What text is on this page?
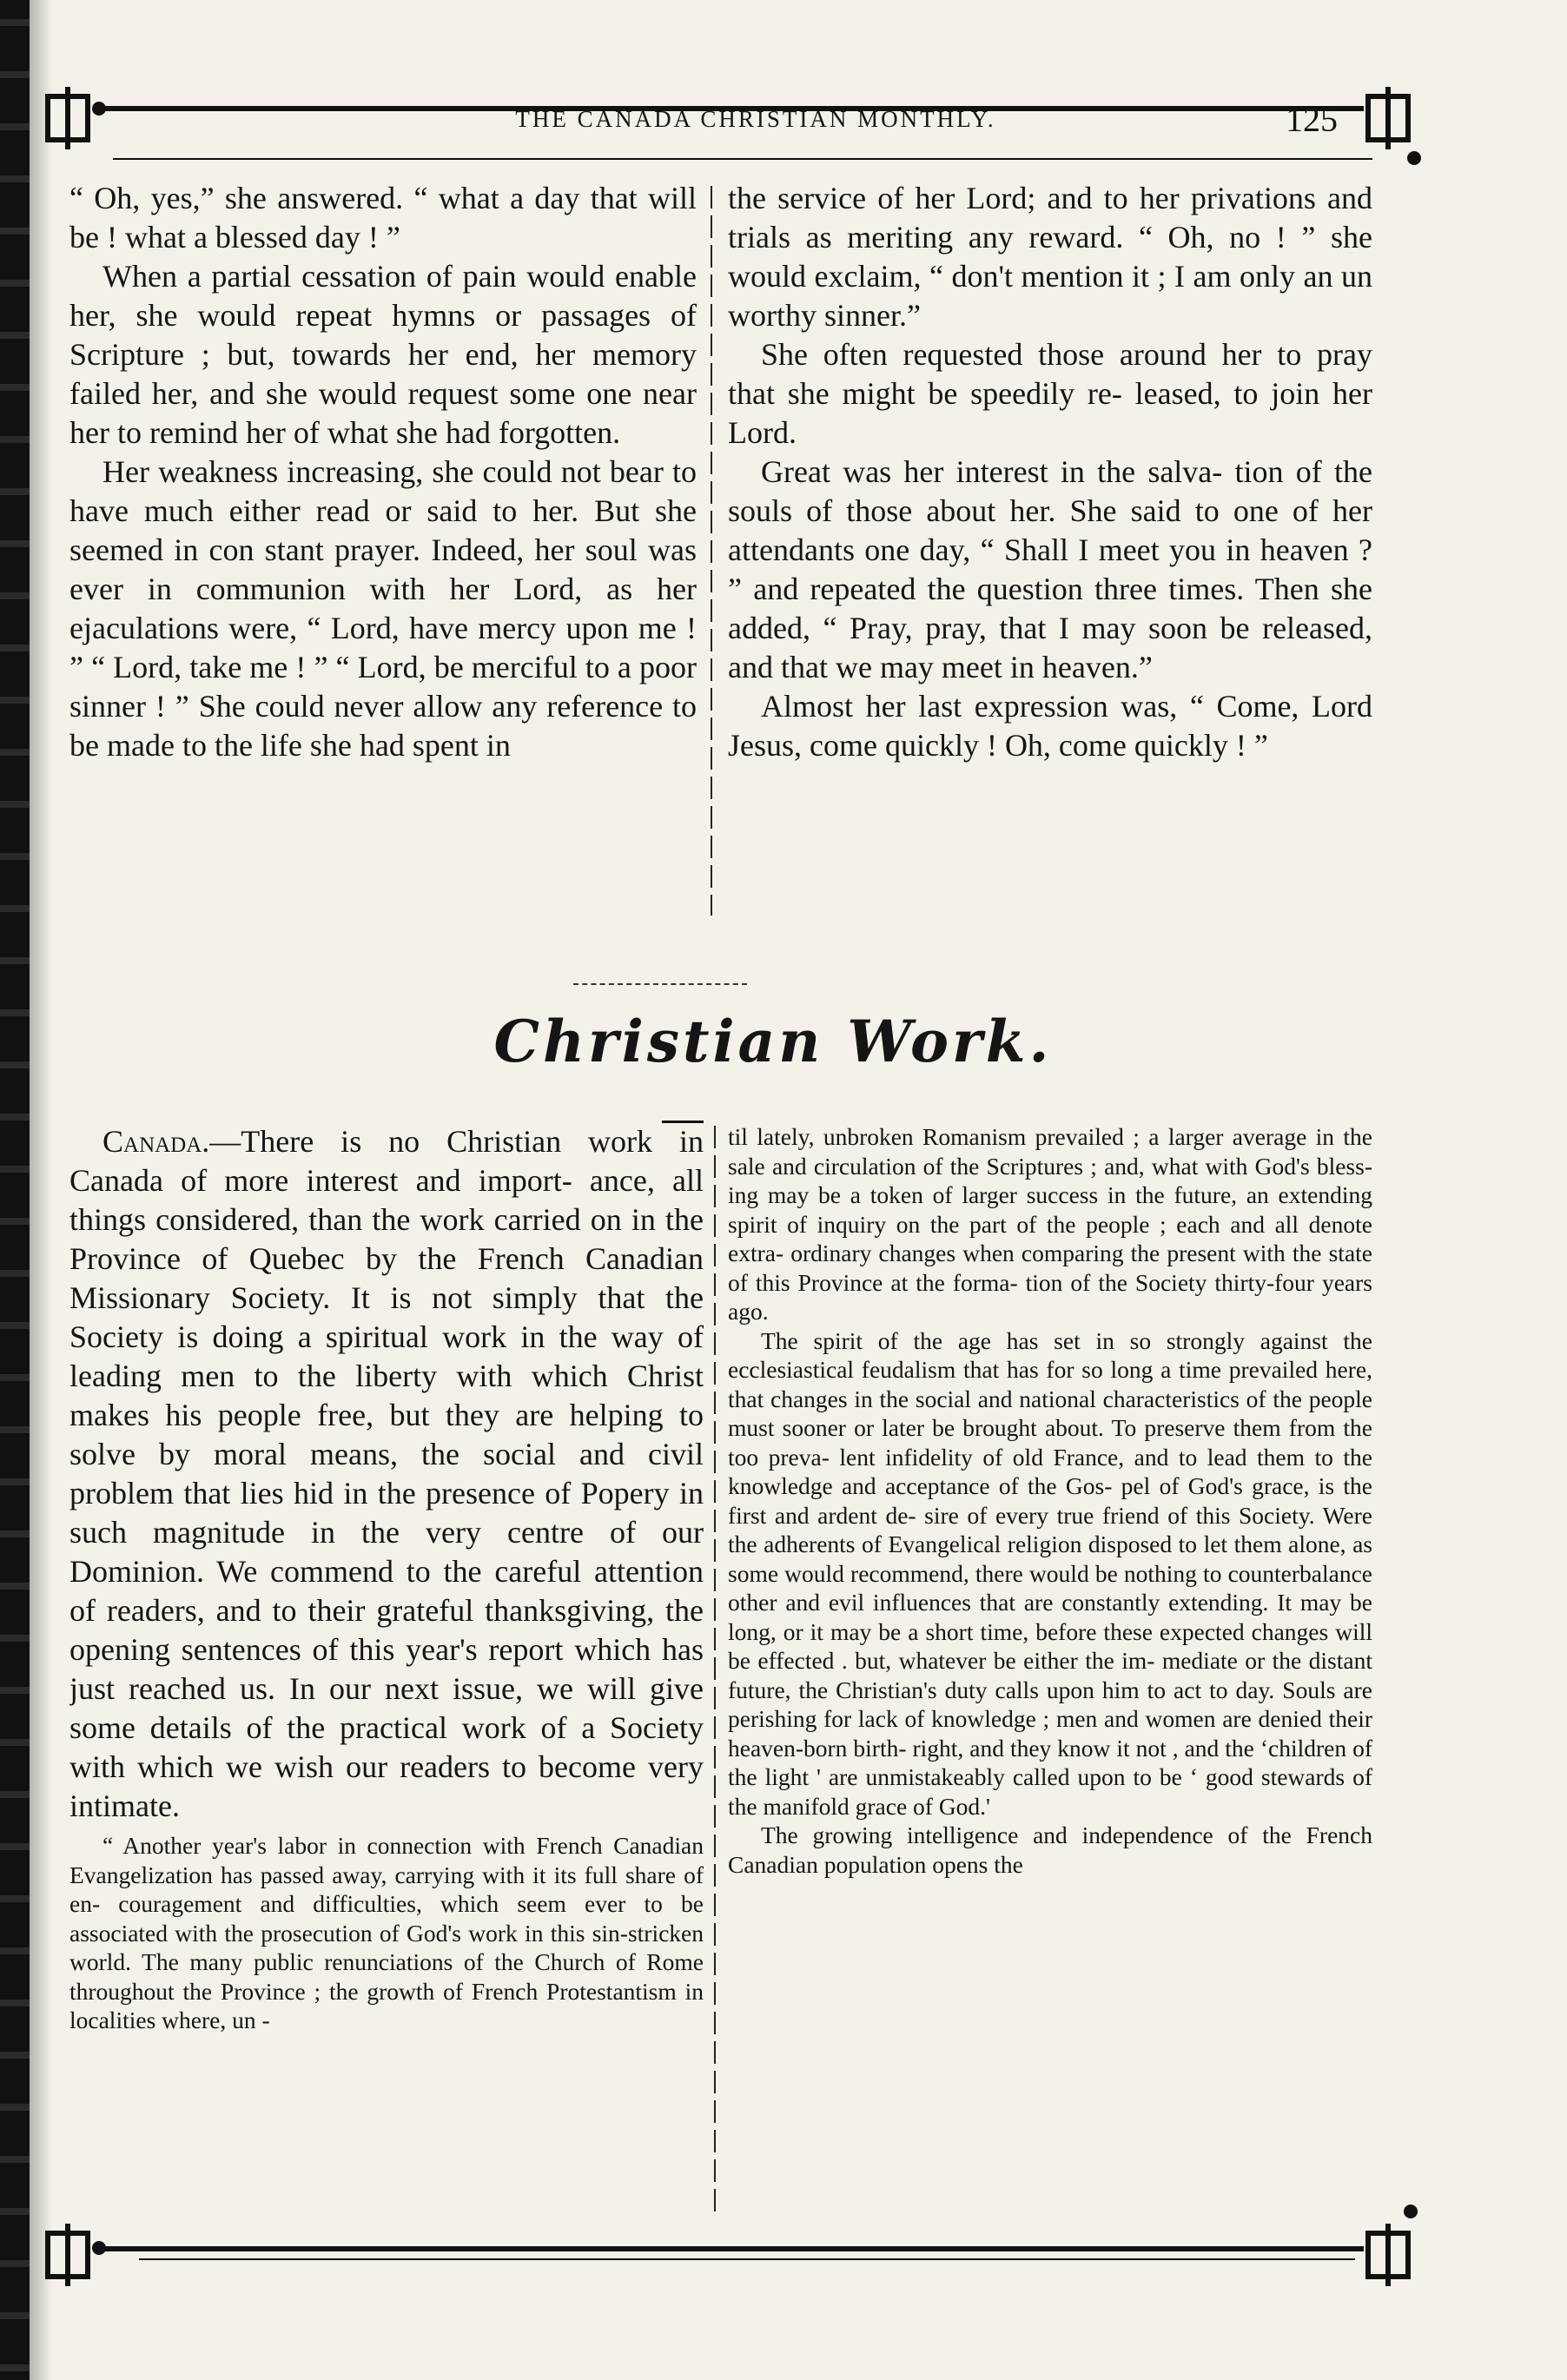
THE CANADA CHRISTIAN MONTHLY.	125

“ Oh, yes,” she answered. “ what a day that will be ! what a blessed day ! ”

When a partial cessation of pain would enable her, she would repeat hymns or passages of Scripture ; but, towards her end, her memory failed her, and she would request some one near her to remind her of what she had forgotten.

Her weakness increasing, she could not bear to have much either read or said to her. But she seemed in con stant prayer. Indeed, her soul was ever in communion with her Lord, as her ejaculations were, “ Lord, have mercy upon me ! ” “ Lord, take me ! ” “ Lord, be merciful to a poor sinner ! ” She could never allow any reference to be made to the life she had spent in

the service of her Lord; and to her privations and trials as meriting any reward. “ Oh, no ! ” she would exclaim, “ don't mention it ; I am only an un worthy sinner.”

She often requested those around her to pray that she might be speedily re- leased, to join her Lord.

Great was her interest in the salva- tion of the souls of those about her. She said to one of her attendants one day, “ Shall I meet you in heaven ? ” and repeated the question three times. Then she added, “ Pray, pray, that I may soon be released, and that we may meet in heaven.”

Almost her last expression was, “ Come, Lord Jesus, come quickly ! Oh, come quickly ! ”

Christian Work.

Canada.—There is no Christian work in Canada of more interest and import- ance, all things considered, than the work carried on in the Province of Quebec by the French Canadian Missionary Society. It is not simply that the Society is doing a spiritual work in the way of leading men to the liberty with which Christ makes his people free, but they are helping to solve by moral means, the social and civil problem that lies hid in the presence of Popery in such magnitude in the very centre of our Dominion. We commend to the careful attention of readers, and to their grateful thanksgiving, the opening sentences of this year's report which has just reached us. In our next issue, we will give some details of the practical work of a Society with which we wish our readers to become very intimate.

“ Another year's labor in connection with French Canadian Evangelization has passed away, carrying with it its full share of en- couragement and difficulties, which seem ever to be associated with the prosecution of God's work in this sin-stricken world. The many public renunciations of the Church of Rome throughout the Province ; the growth of French Protestantism in localities where, un -

til lately, unbroken Romanism prevailed ; a larger average in the sale and circulation of the Scriptures ; and, what with God's bless- ing may be a token of larger success in the future, an extending spirit of inquiry on the part of the people ; each and all denote extra- ordinary changes when comparing the present with the state of this Province at the forma- tion of the Society thirty-four years ago.

The spirit of the age has set in so strongly against the ecclesiastical feudalism that has for so long a time prevailed here, that changes in the social and national characteristics of the people must sooner or later be brought about. To preserve them from the too preva- lent infidelity of old France, and to lead them to the knowledge and acceptance of the Gos- pel of God's grace, is the first and ardent de- sire of every true friend of this Society. Were the adherents of Evangelical religion disposed to let them alone, as some would recommend, there would be nothing to counterbalance other and evil influences that are constantly extending. It may be long, or it may be a short time, before these expected changes will be effected . but, whatever be either the im- mediate or the distant future, the Christian's duty calls upon him to act to day. Souls are perishing for lack of knowledge ; men and women are denied their heaven-born birth- right, and they know it not , and the ‘children of the light ' are unmistakeably called upon to be ‘ good stewards of the manifold grace of God.'

The growing intelligence and independence of the French Canadian population opens the
